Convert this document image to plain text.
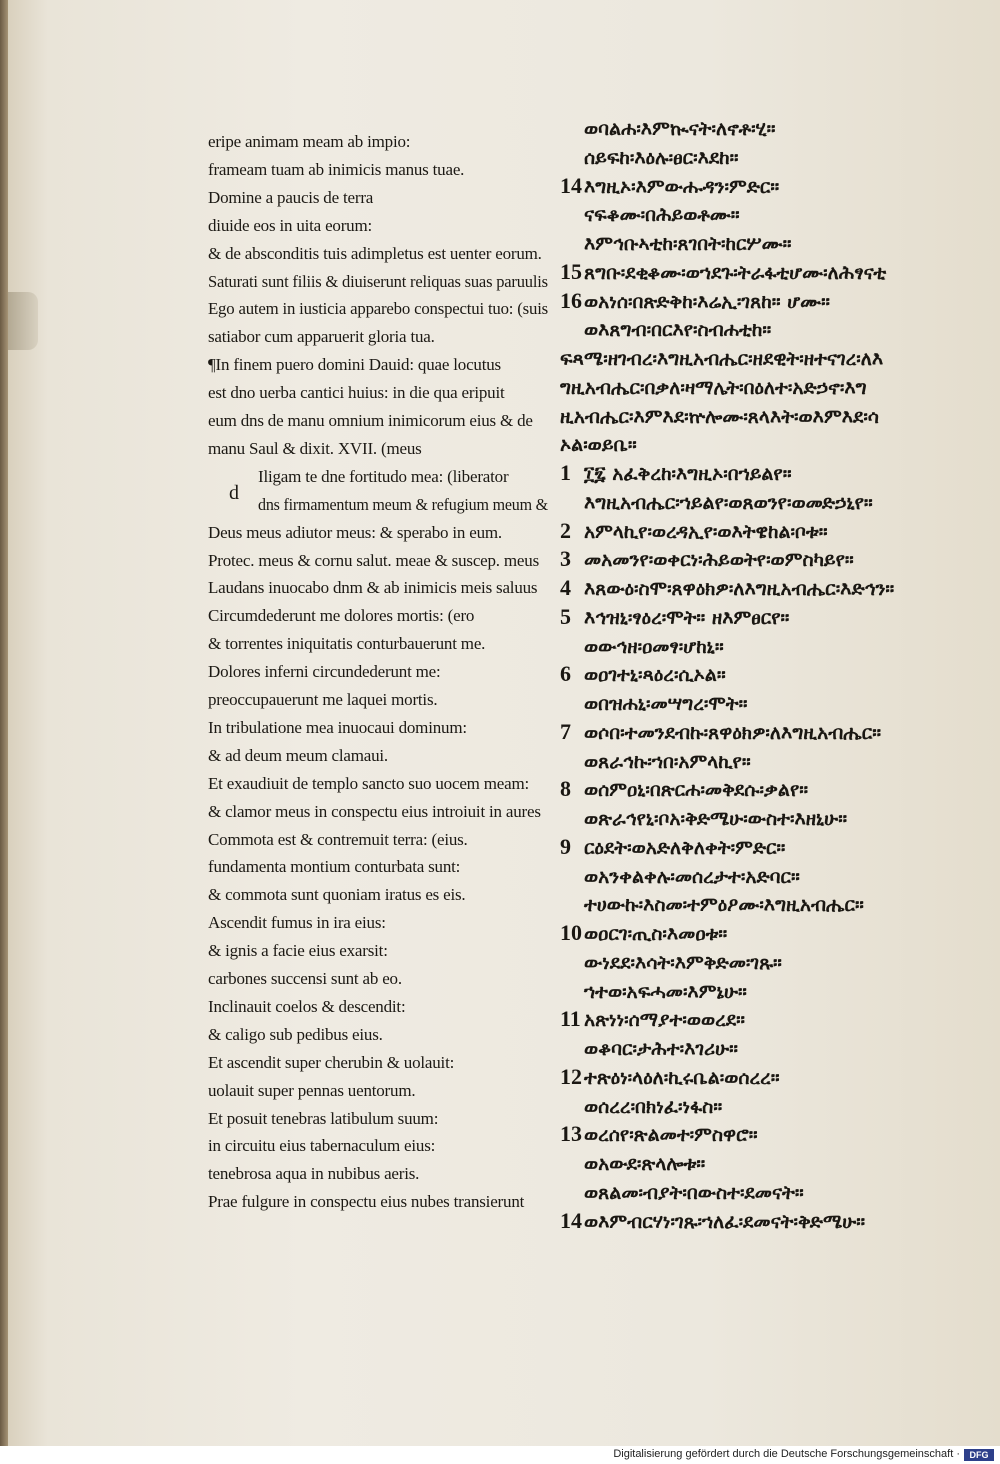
eripe animam meam ab impio:
frameam tuam ab inimicis manus tuae.
Domine a paucis de terra
diuide eos in uita eorum:
& de absconditis tuis adimpletus est uenter eorum.
Saturati sunt filiis & diuiserunt reliquas suas paruulis
Ego autem in iusticia apparebo conspectui tuo: (suis
satiabor cum apparuerit gloria tua.
¶In finem puero domini Dauid: quae locutus
est dno uerba cantici huius: in die qua eripuit
eum dns de manu omnium inimicorum eius & de
manu Saul & dixit. XVII. (meus
Iligam te dne fortitudo mea: (liberator
dns firmamentum meum & refugium meum &
Deus meus adiutor meus: & sperabo in eum.
Protec. meus & cornu salut. meae & suscep. meus
Laudans inuocabo dnm & ab inimicis meis saluus
Circumdederunt me dolores mortis: (ero
& torrentes iniquitatis conturbauerunt me.
Dolores inferni circundederunt me:
preoccupauerunt me laquei mortis.
In tribulatione mea inuocaui dominum:
& ad deum meum clamaui.
Et exaudiuit de templo sancto suo uocem meam:
& clamor meus in conspectu eius introiuit in aures
Commota est & contremuit terra: (eius.
fundamenta montium conturbata sunt:
& commota sunt quoniam iratus es eis.
Ascendit fumus in ira eius:
& ignis a facie eius exarsit:
carbones succensi sunt ab eo.
Inclinauit coelos & descendit:
& caligo sub pedibus eius.
Et ascendit super cherubin & uolauit:
uolauit super pennas uentorum.
Et posuit tenebras latibulum suum:
in circuitu eius tabernaculum eius:
tenebrosa aqua in nubibus aeris.
Prae fulgure in conspectu eius nubes transierunt
d
ወባልሐ፡እምኲናት፡ለኖቶ፡ሂ።
ሰይፍከ፡እዕሉ፡ፀር፡እደከ።
14 እግዚኦ፡እምውሑዳን፡ምድር።
ናፍቆሙ፡በሕይወቶሙ።
እምኅቡኣቲከ፡ጸገበት፡ከርሦሙ።
15 ጸግቡ፡ደቂቆሙ፡ወኀደጉ፡ትራፋቲሆሙ፡ለሕፃናቲ
16 ወአነሰ፡በጽድቅከ፡እሬኢ፡ገጸከ። ሆሙ።
ወእጸግብ፡በርእየ፡ስብሐቲከ።
ፍጻሜ፡ዘገብረ፡እግዚአብሔር፡ዘደዊት፡ዘተናገረ፡ለእ
ግዚአብሔር፡በቃለ፡ዛማሌት፡በዕለተ፡አድኃኖ፡እግ
ዚአብሔር፡እምእደ፡ኵሎሙ፡ጸላእት፡ወእምእደ፡ሳ
ኦል፡ወይቤ።
1 ፲፯ አፈቅረከ፡እግዚኦ፡በኀይልየ።
እግዚአብሔር፡ኀይልየ፡ወጸወንየ፡ወመድኃኒየ።
2 አምላኪየ፡ወረዳኢየ፡ወእትዌከል፡ቦቱ።
3 መአመንየ፡ወቀርነ፡ሕይወትየ፡ወምስካይየ።
4 እጸውዕ፡ስሞ፡ጸዋዕክዎ፡ለእግዚአብሔር፡እድኅን።
5 እኅዝኒ፡ፃዕረ፡ሞት። ዘእምፀርየ።
ወውኅዘ፡ዐመፃ፡ሆከኒ።
6 ወዐገተኒ፡ጻዕረ፡ሲኦል።
ወበዝሐኒ፡መሣግረ፡ሞት።
7 ወሶበ፡ተመንደብኩ፡ጸዋዕክዎ፡ለእግዚአብሔር።
ወጸራኅኩ፡ኀበ፡አምላኪየ።
8 ወሰምዐኒ፡በጽርሐ፡መቅደሱ፡ቃልየ።
ወጽራኅየኒ፡ቦአ፡ቅድሜሁ፡ውስተ፡እዘኒሁ።
9 ርዕደት፡ወአድለቅለቀት፡ምድር።
ወአንቀልቀሉ፡መሰረታተ፡አድባር።
ተሀውኩ፡እስመ፡ተምዕዖሙ፡እግዚአብሔር።
10 ወዐርገ፡ጢስ፡እመዐቱ።
ውነደደ፡እሳት፡እምቅድመ፡ገጹ።
ኀተወ፡አፍሓመ፡እምኔሁ።
11 አጽነነ፡ሰማያተ፡ወወረደ።
ወቆባር፡ታሕተ፡እገሪሁ።
12 ተጽዕነ፡ላዕለ፡ኪሩቤል፡ወሰረረ።
ወሰረረ፡በክነፈ፡ነፋስ።
13 ወረሰየ፡ጽልመተ፡ምስዋሮ።
ወአውደ፡ጽላሎቱ።
ወጸልመ፡ብያት፡በውስተ፡ደመናት።
14 ወእምብርሃነ፡ገጹ፡ኀለፈ፡ደመናት፡ቅድሜሁ።
Digitalisierung gefördert durch die Deutsche Forschungsgemeinschaft ·	DFG
